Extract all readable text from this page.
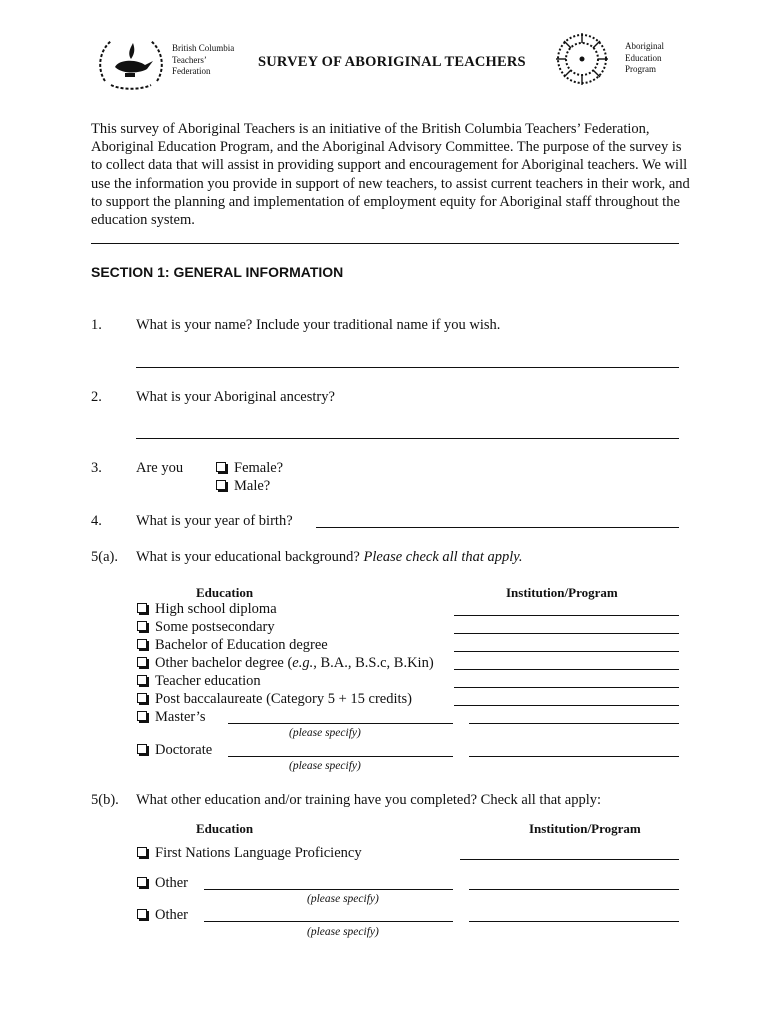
British Columbia
Teachers’
Federation
SURVEY OF ABORIGINAL TEACHERS
Aboriginal
Education
Program
This survey of Aboriginal Teachers is an initiative of the British Columbia Teachers’ Federation, Aboriginal Education Program, and the Aboriginal Advisory Committee. The purpose of the survey is to collect data that will assist in providing support and encouragement for Aboriginal teachers. We will use the information you provide in support of new teachers, to assist current teachers in their work, and to support the planning and implementation of employment equity for Aboriginal staff throughout the education system.
SECTION 1: GENERAL INFORMATION
1. What is your name? Include your traditional name if you wish.
2. What is your Aboriginal ancestry?
3. Are you	Female?
Male?
4. What is your year of birth?
5(a). What is your educational background? Please check all that apply.
Education	Institution/Program
High school diploma
Some postsecondary
Bachelor of Education degree
Other bachelor degree (e.g., B.A., B.S.c, B.Kin)
Teacher education
Post baccalaureate (Category 5 + 15 credits)
Master’s
(please specify)
Doctorate
(please specify)
5(b). What other education and/or training have you completed? Check all that apply:
Education	Institution/Program
First Nations Language Proficiency
Other
(please specify)
Other
(please specify)
